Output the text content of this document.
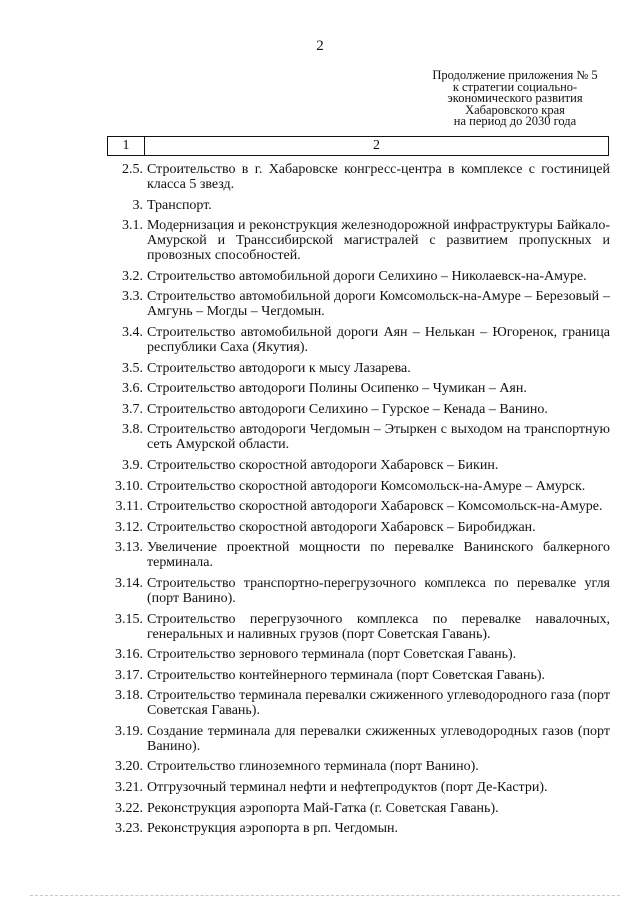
2
Продолжение приложения № 5
к стратегии социально-
экономического развития
Хабаровского края
на период до 2030 года
1	2
2.5. Строительство в г. Хабаровске конгресс-центра в комплексе с гостиницей класса 5 звезд.
3. Транспорт.
3.1. Модернизация и реконструкция железнодорожной инфраструктуры Байкало-Амурской и Транссибирской магистралей с развитием пропускных и провозных способностей.
3.2. Строительство автомобильной дороги Селихино – Николаевск-на-Амуре.
3.3. Строительство автомобильной дороги Комсомольск-на-Амуре – Березовый – Амгунь – Могды – Чегдомын.
3.4. Строительство автомобильной дороги Аян – Нелькан – Югоренок, граница республики Саха (Якутия).
3.5. Строительство автодороги к мысу Лазарева.
3.6. Строительство автодороги Полины Осипенко – Чумикан – Аян.
3.7. Строительство автодороги Селихино – Гурское – Кенада – Ванино.
3.8. Строительство автодороги Чегдомын – Этыркен с выходом на транспортную сеть Амурской области.
3.9. Строительство скоростной автодороги Хабаровск – Бикин.
3.10. Строительство скоростной автодороги Комсомольск-на-Амуре – Амурск.
3.11. Строительство скоростной автодороги Хабаровск – Комсомольск-на-Амуре.
3.12. Строительство скоростной автодороги Хабаровск – Биробиджан.
3.13. Увеличение проектной мощности по перевалке Ванинского балкерного терминала.
3.14. Строительство транспортно-перегрузочного комплекса по перевалке угля (порт Ванино).
3.15. Строительство перегрузочного комплекса по перевалке навалочных, генеральных и наливных грузов (порт Советская Гавань).
3.16. Строительство зернового терминала (порт Советская Гавань).
3.17. Строительство контейнерного терминала (порт Советская Гавань).
3.18. Строительство терминала перевалки сжиженного углеводородного газа (порт Советская Гавань).
3.19. Создание терминала для перевалки сжиженных углеводородных газов (порт Ванино).
3.20. Строительство глиноземного терминала (порт Ванино).
3.21. Отгрузочный терминал нефти и нефтепродуктов (порт Де-Кастри).
3.22. Реконструкция аэропорта Май-Гатка (г. Советская Гавань).
3.23. Реконструкция аэропорта в рп. Чегдомын.
